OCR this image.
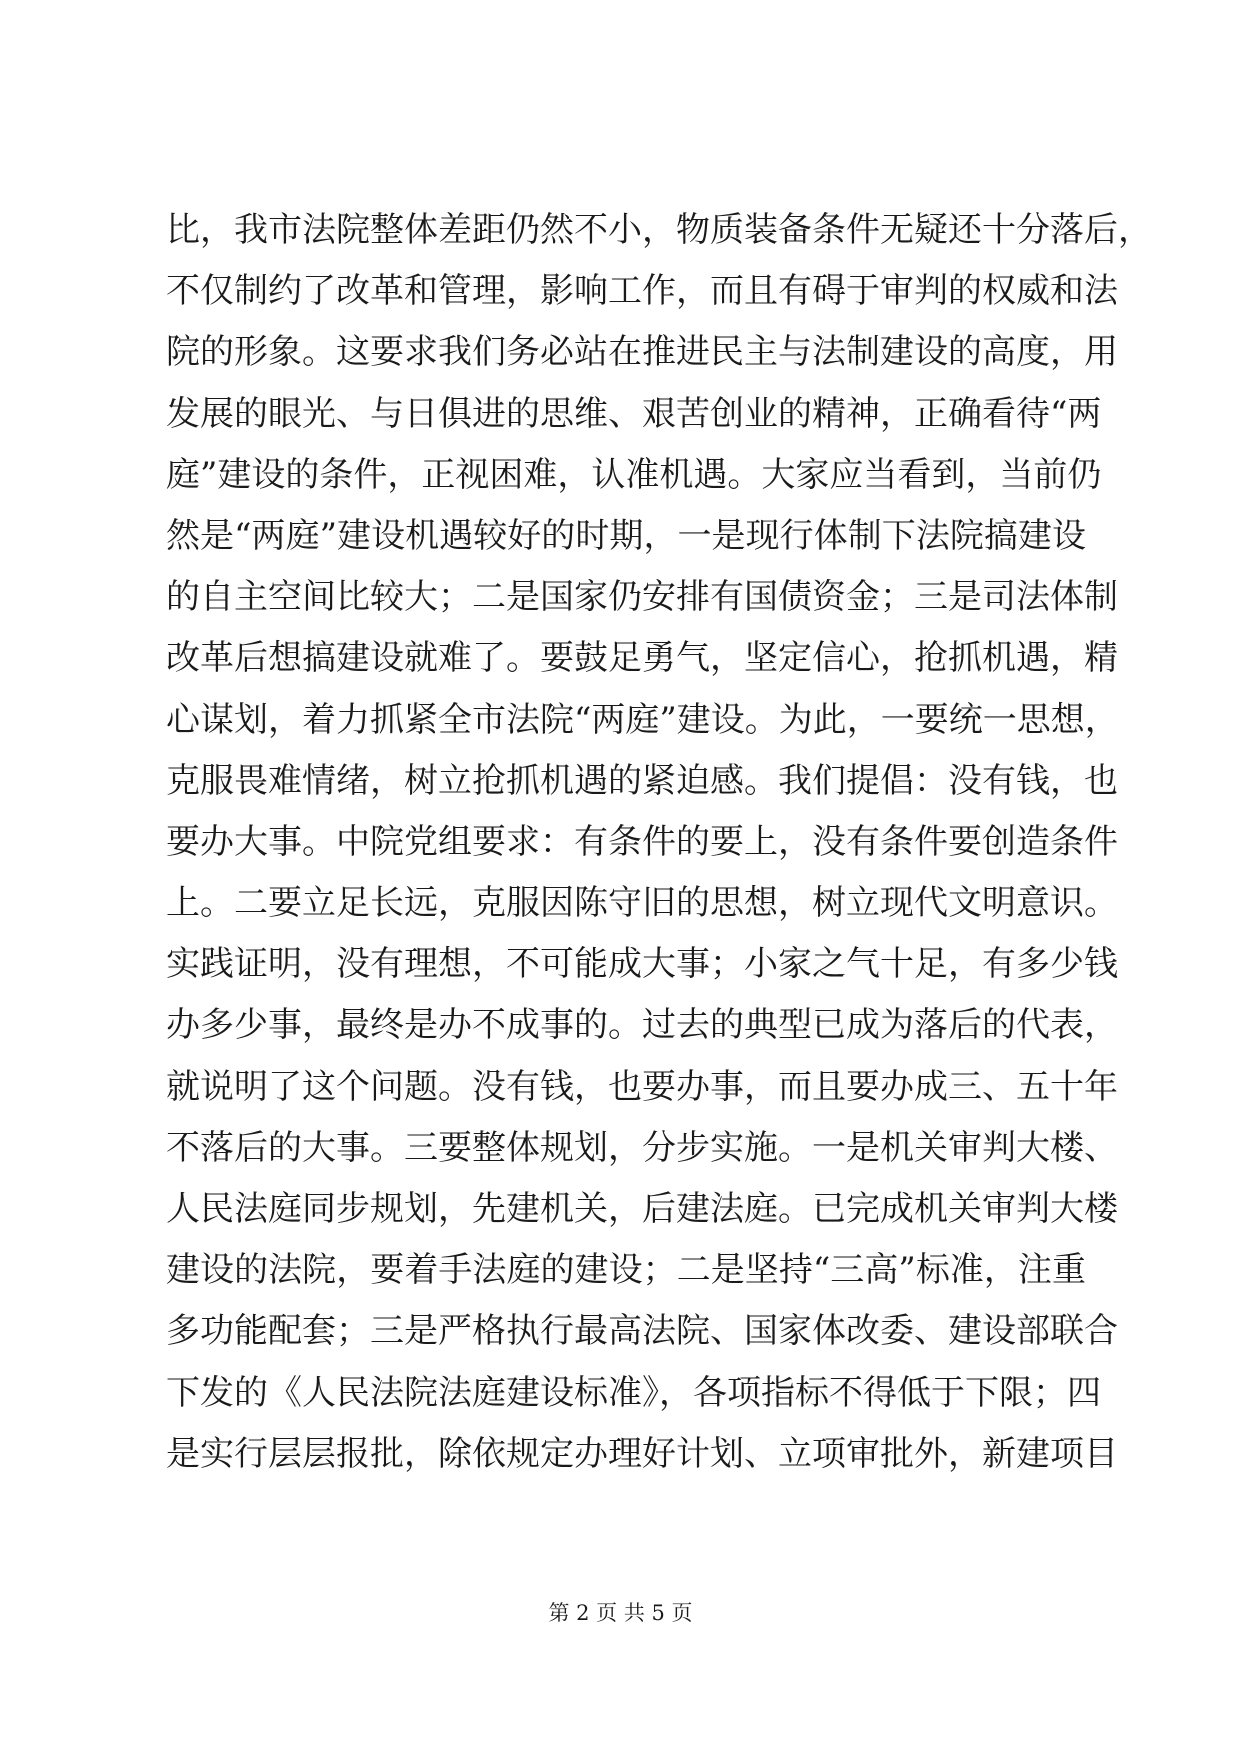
比，我市法院整体差距仍然不小，物质装备条件无疑还十分落后，
不仅制约了改革和管理，影响工作，而且有碍于审判的权威和法
院的形象。这要求我们务必站在推进民主与法制建设的高度，用
发展的眼光、与日俱进的思维、艰苦创业的精神，正确看待“两
庭”建设的条件，正视困难，认准机遇。大家应当看到，当前仍
然是“两庭”建设机遇较好的时期，一是现行体制下法院搞建设
的自主空间比较大；二是国家仍安排有国债资金；三是司法体制
改革后想搞建设就难了。要鼓足勇气，坚定信心，抢抓机遇，精
心谋划，着力抓紧全市法院“两庭”建设。为此，一要统一思想，
克服畏难情绪，树立抢抓机遇的紧迫感。我们提倡：没有钱，也
要办大事。中院党组要求：有条件的要上，没有条件要创造条件
上。二要立足长远，克服因陈守旧的思想，树立现代文明意识。
实践证明，没有理想，不可能成大事；小家之气十足，有多少钱
办多少事，最终是办不成事的。过去的典型已成为落后的代表，
就说明了这个问题。没有钱，也要办事，而且要办成三、五十年
不落后的大事。三要整体规划，分步实施。一是机关审判大楼、
人民法庭同步规划，先建机关，后建法庭。已完成机关审判大楼
建设的法院，要着手法庭的建设；二是坚持“三高”标准，注重
多功能配套；三是严格执行最高法院、国家体改委、建设部联合
下发的《人民法院法庭建设标准》，各项指标不得低于下限；四
是实行层层报批，除依规定办理好计划、立项审批外，新建项目
第 2 页 共 5 页
